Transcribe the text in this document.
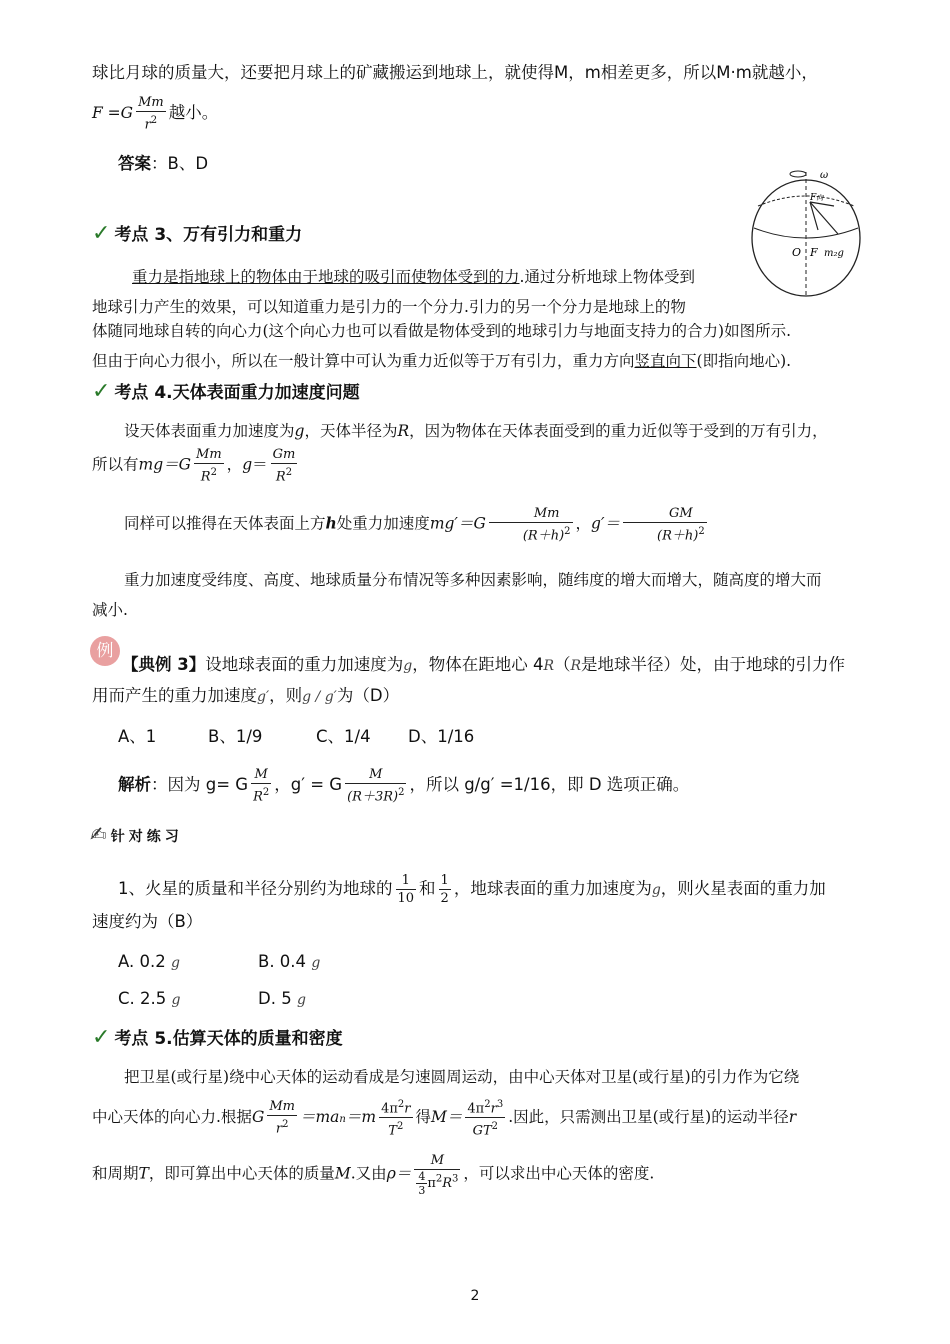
球比月球的质量大，还要把月球上的矿藏搬运到地球上，就使得M，m相差更多，所以M·m就越小，

$F =G \frac{Mm}{r^2}$ 越小。

答案：B、D

✓ 考点 3、万有引力和重力
ω
F向
O F m₂g

重力是指地球上的物体由于地球的吸引而使物体受到的力.通过分析地球上物体受到

地球引力产生的效果，可以知道重力是引力的一个分力.引力的另一个分力是地球上的物

体随同地球自转的向心力(这个向心力也可以看做是物体受到的地球引力与地面支持力的合力)如图所示.

但由于向心力很小，所以在一般计算中可认为重力近似等于万有引力，重力方向竖直向下(即指向地心).

✓ 考点 4.天体表面重力加速度问题

设天体表面重力加速度为g，天体半径为R，因为物体在天体表面受到的重力近似等于受到的万有引力，

所以有$mg=G \frac{Mm}{R^2}$ ，$g= \frac{Gm}{R^2}$

同样可以推得在天体表面上方h处重力加速度$mg'=G \frac{Mm}{(R+h)^2}$ ，$g'= \frac{GM}{(R+h)^2}$

重力加速度受纬度、高度、地球质量分布情况等多种因素影响，随纬度的增大而增大，随高度的增大而

减小.

例

【典例 3】设地球表面的重力加速度为g，物体在距地心 4R（R是地球半径）处，由于地球的引力作

用而产生的重力加速度g′，则g / g′为（D）

A、1	B、1/9	C、1/4 D、1/16

解析：因为 g= G $\frac{M}{R^2}$ ，g′ = G $\frac{M}{(R+3R)^2}$ ，所以 g/g′ =1/16，即 D 选项正确。

✍针对练习

1、火星的质量和半径分别约为地球的 $\frac{1}{10}$ 和 $\frac{1}{2}$ ，地球表面的重力加速度为g，则火星表面的重力加

速度约为（B）

A. 0.2 g	B. 0.4 g

C. 2.5 g	D. 5 g

✓ 考点 5.估算天体的质量和密度

把卫星(或行星)绕中心天体的运动看成是匀速圆周运动，由中心天体对卫星(或行星)的引力作为它绕

中心天体的向心力.根据G $\frac{Mm}{r^2} =man=m \frac{4\pi^2r}{T^2}$ 得$M= \frac{4\pi^2r^3}{GT^2}$ .因此，只需测出卫星(或行星)的运动半径r

和周期T，即可算出中心天体的质量M.又由$\rho= \frac{M}{\frac{4}{3} \pi^2R^3}$ ，可以求出中心天体的密度.

2
